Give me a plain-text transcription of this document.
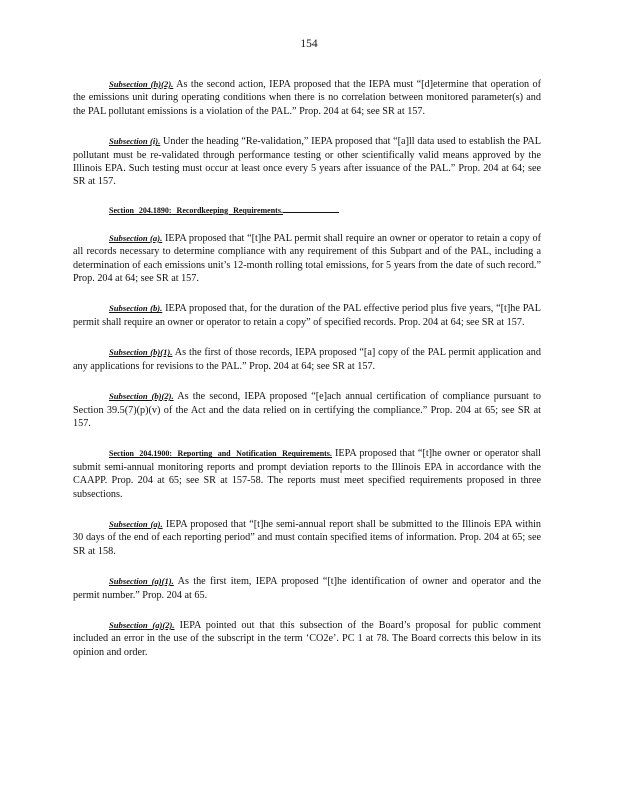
154

Subsection (h)(2). As the second action, IEPA proposed that the IEPA must “[d]etermine that operation of the emissions unit during operating conditions when there is no correlation between monitored parameter(s) and the PAL pollutant emissions is a violation of the PAL.” Prop. 204 at 64; see SR at 157.

Subsection (i). Under the heading “Re-validation,” IEPA proposed that “[a]ll data used to establish the PAL pollutant must be re-validated through performance testing or other scientifically valid means approved by the Illinois EPA. Such testing must occur at least once every 5 years after issuance of the PAL.” Prop. 204 at 64; see SR at 157.

Section 204.1890: Recordkeeping Requirements.

Subsection (a). IEPA proposed that “[t]he PAL permit shall require an owner or operator to retain a copy of all records necessary to determine compliance with any requirement of this Subpart and of the PAL, including a determination of each emissions unit’s 12-month rolling total emissions, for 5 years from the date of such record.” Prop. 204 at 64; see SR at 157.

Subsection (b). IEPA proposed that, for the duration of the PAL effective period plus five years, “[t]he PAL permit shall require an owner or operator to retain a copy” of specified records. Prop. 204 at 64; see SR at 157.

Subsection (b)(1). As the first of those records, IEPA proposed “[a] copy of the PAL permit application and any applications for revisions to the PAL.” Prop. 204 at 64; see SR at 157.

Subsection (b)(2). As the second, IEPA proposed “[e]ach annual certification of compliance pursuant to Section 39.5(7)(p)(v) of the Act and the data relied on in certifying the compliance.” Prop. 204 at 65; see SR at 157.

Section 204.1900: Reporting and Notification Requirements. IEPA proposed that “[t]he owner or operator shall submit semi-annual monitoring reports and prompt deviation reports to the Illinois EPA in accordance with the CAAPP. Prop. 204 at 65; see SR at 157-58. The reports must meet specified requirements proposed in three subsections.

Subsection (a). IEPA proposed that “[t]he semi-annual report shall be submitted to the Illinois EPA within 30 days of the end of each reporting period” and must contain specified items of information. Prop. 204 at 65; see SR at 158.

Subsection (a)(1). As the first item, IEPA proposed “[t]he identification of owner and operator and the permit number.” Prop. 204 at 65.

Subsection (a)(2). IEPA pointed out that this subsection of the Board’s proposal for public comment included an error in the use of the subscript in the term ‘CO2e’. PC 1 at 78. The Board corrects this below in its opinion and order.
